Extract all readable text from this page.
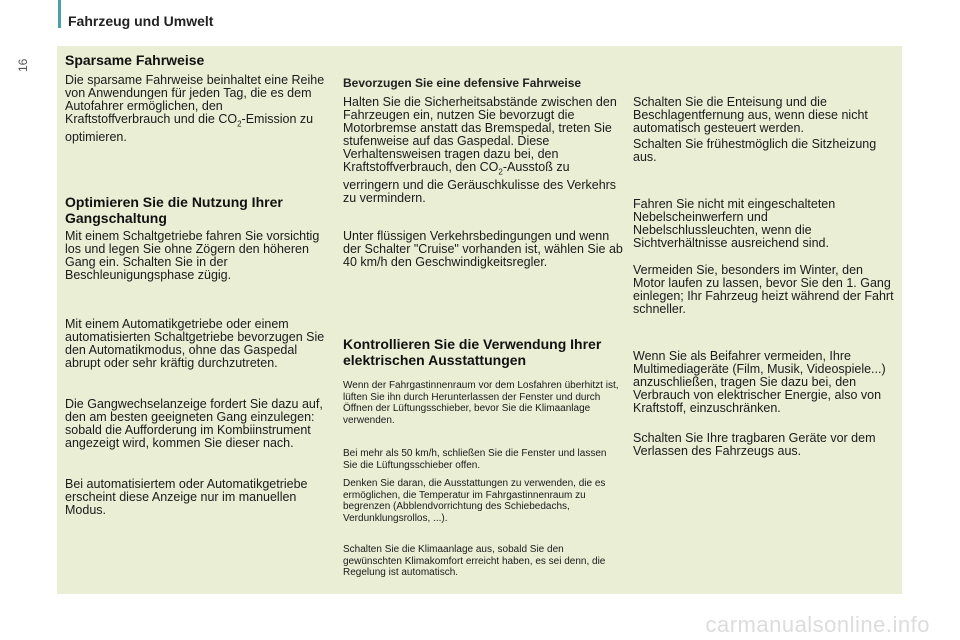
16
Fahrzeug und Umwelt
Sparsame Fahrweise

Die sparsame Fahrweise beinhaltet eine Reihe von Anwendungen für jeden Tag, die es dem Autofahrer ermöglichen, den Kraftstoffverbrauch und die $CO_2$-Emission zu optimieren.

Optimieren Sie die Nutzung Ihrer Gangschaltung

Mit einem Schaltgetriebe fahren Sie vorsichtig los und legen Sie ohne Zögern den höheren Gang ein. Schalten Sie in der Beschleunigungsphase zügig.

Mit einem Automatikgetriebe oder einem automatisierten Schaltgetriebe bevorzugen Sie den Automatikmodus, ohne das Gaspedal abrupt oder sehr kräftig durchzutreten.

Die Gangwechselanzeige fordert Sie dazu auf, den am besten geeigneten Gang einzulegen: sobald die Aufforderung im Kombiinstrument angezeigt wird, kommen Sie dieser nach.

Bei automatisiertem oder Automatikgetriebe erscheint diese Anzeige nur im manuellen Modus.

Bevorzugen Sie eine defensive Fahrweise

Halten Sie die Sicherheitsabstände zwischen den Fahrzeugen ein, nutzen Sie bevorzugt die Motorbremse anstatt das Bremspedal, treten Sie stufenweise auf das Gaspedal. Diese Verhaltensweisen tragen dazu bei, den Kraftstoffverbrauch, den $CO_2$-Ausstoß zu verringern und die Geräuschkulisse des Verkehrs zu vermindern.

Unter flüssigen Verkehrsbedingungen und wenn der Schalter "Cruise" vorhanden ist, wählen Sie ab 40 km/h den Geschwindigkeitsregler.

Kontrollieren Sie die Verwendung Ihrer elektrischen Ausstattungen

Wenn der Fahrgastinnenraum vor dem Losfahren überhitzt ist, lüften Sie ihn durch Herunterlassen der Fenster und durch Öffnen der Lüftungsschieber, bevor Sie die Klimaanlage verwenden.

Bei mehr als 50 km/h, schließen Sie die Fenster und lassen Sie die Lüftungsschieber offen.

Denken Sie daran, die Ausstattungen zu verwenden, die es ermöglichen, die Temperatur im Fahrgastinnenraum zu begrenzen (Abblendvorrichtung des Schiebedachs, Verdunklungsrollos, ...).

Schalten Sie die Klimaanlage aus, sobald Sie den gewünschten Klimakomfort erreicht haben, es sei denn, die Regelung ist automatisch.

Schalten Sie die Enteisung und die Beschlagentfernung aus, wenn diese nicht automatisch gesteuert werden.

Schalten Sie frühestmöglich die Sitzheizung aus.

Fahren Sie nicht mit eingeschalteten Nebelscheinwerfern und Nebelschlussleuchten, wenn die Sichtverhältnisse ausreichend sind.

Vermeiden Sie, besonders im Winter, den Motor laufen zu lassen, bevor Sie den 1. Gang einlegen; Ihr Fahrzeug heizt während der Fahrt schneller.

Wenn Sie als Beifahrer vermeiden, Ihre Multimediageräte (Film, Musik, Videospiele...) anzuschließen, tragen Sie dazu bei, den Verbrauch von elektrischer Energie, also von Kraftstoff, einzuschränken.

Schalten Sie Ihre tragbaren Geräte vor dem Verlassen des Fahrzeugs aus.

carmanualsonline.info
